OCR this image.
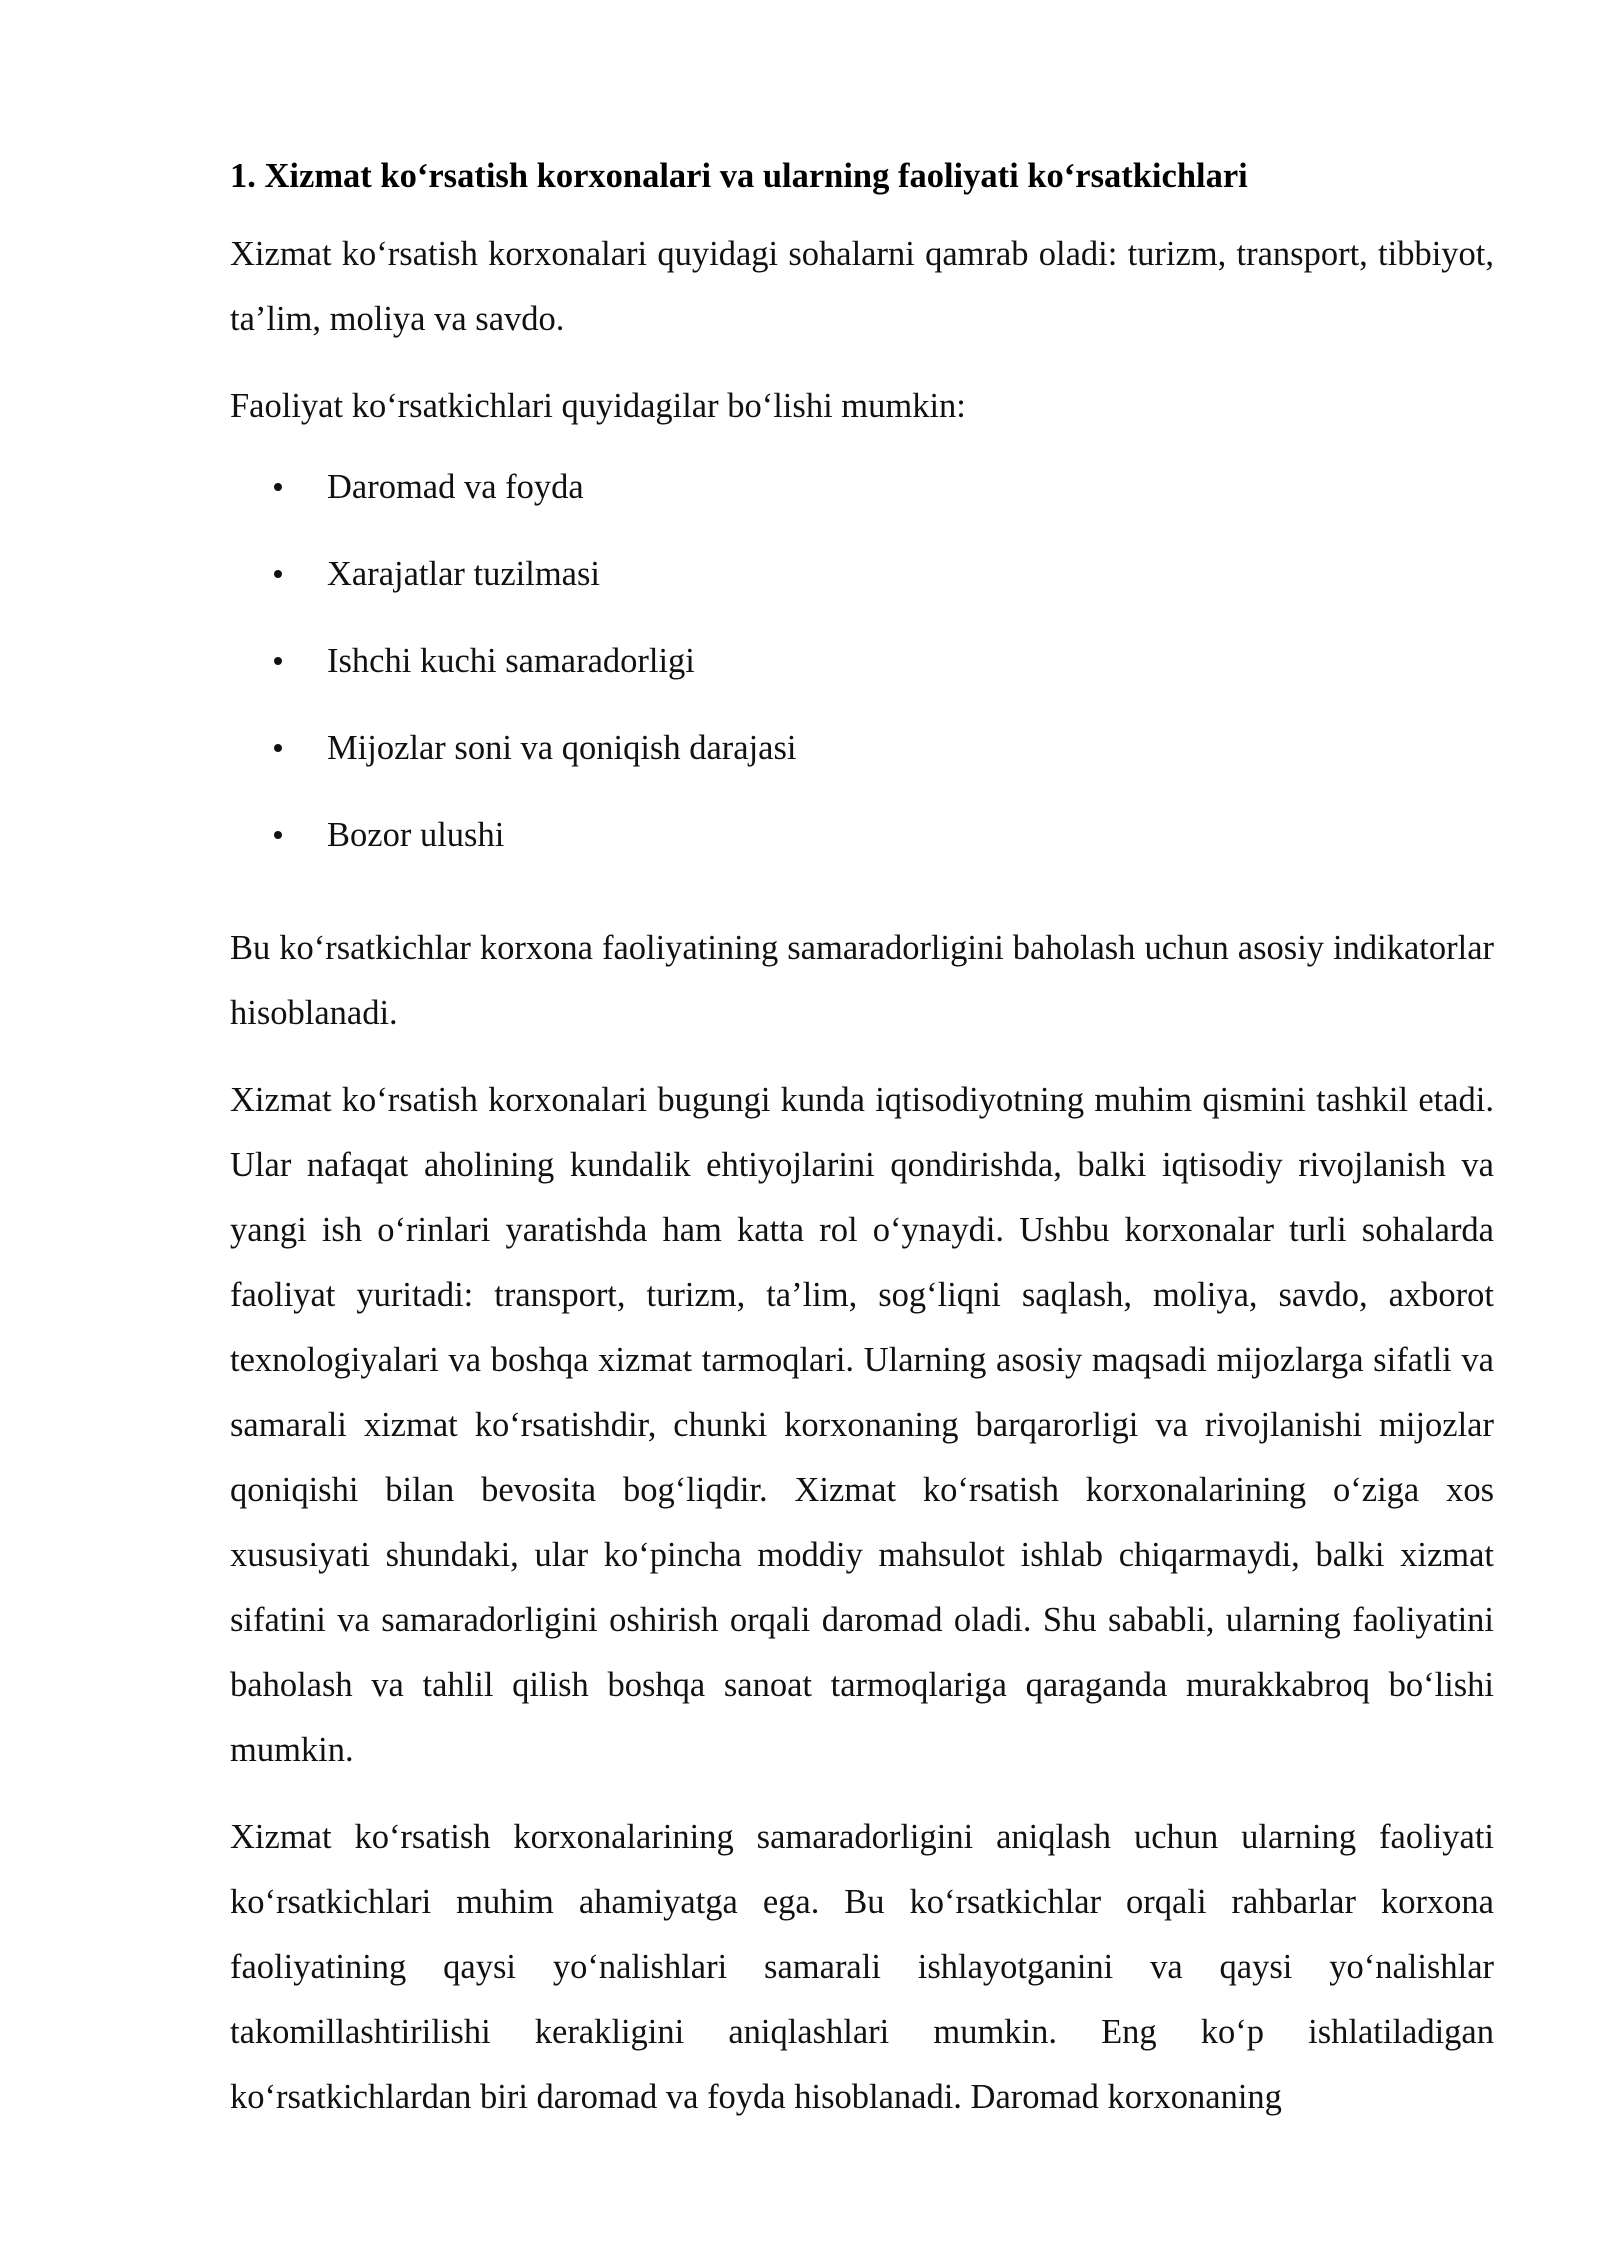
1. Xizmat ko‘rsatish korxonalari va ularning faoliyati ko‘rsatkichlari

Xizmat ko‘rsatish korxonalari quyidagi sohalarni qamrab oladi: turizm, transport, tibbiyot, ta’lim, moliya va savdo.

Faoliyat ko‘rsatkichlari quyidagilar bo‘lishi mumkin:

Daromad va foyda
Xarajatlar tuzilmasi
Ishchi kuchi samaradorligi
Mijozlar soni va qoniqish darajasi
Bozor ulushi

Bu ko‘rsatkichlar korxona faoliyatining samaradorligini baholash uchun asosiy indikatorlar hisoblanadi.

Xizmat ko‘rsatish korxonalari bugungi kunda iqtisodiyotning muhim qismini tashkil etadi. Ular nafaqat aholining kundalik ehtiyojlarini qondirishda, balki iqtisodiy rivojlanish va yangi ish o‘rinlari yaratishda ham katta rol o‘ynaydi. Ushbu korxonalar turli sohalarda faoliyat yuritadi: transport, turizm, ta’lim, sog‘liqni saqlash, moliya, savdo, axborot texnologiyalari va boshqa xizmat tarmoqlari. Ularning asosiy maqsadi mijozlarga sifatli va samarali xizmat ko‘rsatishdir, chunki korxonaning barqarorligi va rivojlanishi mijozlar qoniqishi bilan bevosita bog‘liqdir. Xizmat ko‘rsatish korxonalarining o‘ziga xos xususiyati shundaki, ular ko‘pincha moddiy mahsulot ishlab chiqarmaydi, balki xizmat sifatini va samaradorligini oshirish orqali daromad oladi. Shu sababli, ularning faoliyatini baholash va tahlil qilish boshqa sanoat tarmoqlariga qaraganda murakkabroq bo‘lishi mumkin.

Xizmat ko‘rsatish korxonalarining samaradorligini aniqlash uchun ularning faoliyati ko‘rsatkichlari muhim ahamiyatga ega. Bu ko‘rsatkichlar orqali rahbarlar korxona faoliyatining qaysi yo‘nalishlari samarali ishlayotganini va qaysi yo‘nalishlar takomillashtirilishi kerakligini aniqlashlari mumkin. Eng ko‘p ishlatiladigan ko‘rsatkichlardan biri daromad va foyda hisoblanadi. Daromad korxonaning
